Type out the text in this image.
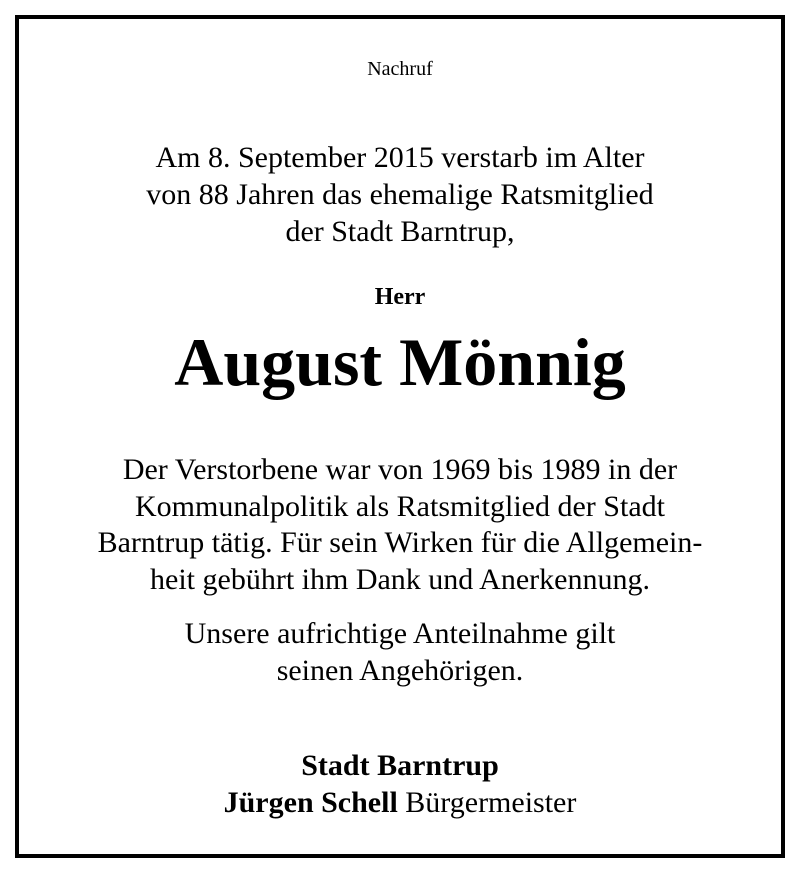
Nachruf
Am 8. September 2015 verstarb im Alter
von 88 Jahren das ehemalige Ratsmitglied
der Stadt Barntrup,
Herr
August Mönnig
Der Verstorbene war von 1969 bis 1989 in der
Kommunalpolitik als Ratsmitglied der Stadt
Barntrup tätig. Für sein Wirken für die Allgemein-
heit gebührt ihm Dank und Anerkennung.
Unsere aufrichtige Anteilnahme gilt
seinen Angehörigen.
Stadt Barntrup
Jürgen Schell Bürgermeister
